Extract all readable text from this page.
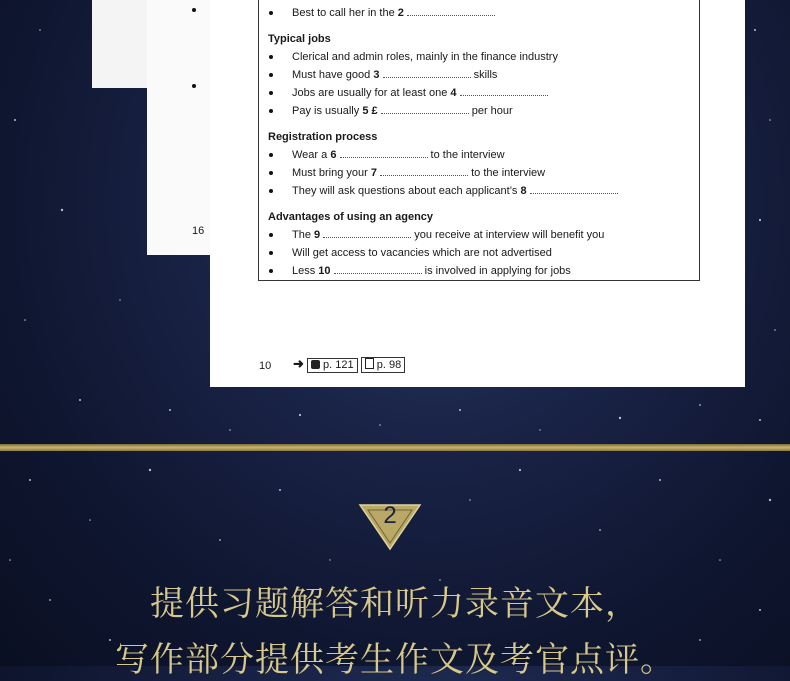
16
Best to call her in the 2
Typical jobs
Clerical and admin roles, mainly in the finance industry
Must have good 3	skills
Jobs are usually for at least one 4
Pay is usually 5 £	per hour
Registration process
Wear a 6	to the interview
Must bring your 7	to the interview
They will ask questions about each applicant’s 8
Advantages of using an agency
The 9	you receive at interview will benefit you
Will get access to vacancies which are not advertised
Less 10	is involved in applying for jobs
10 ➜ p. 121 p. 98
2
提供习题解答和听力录音文本，
写作部分提供考生作文及考官点评。
